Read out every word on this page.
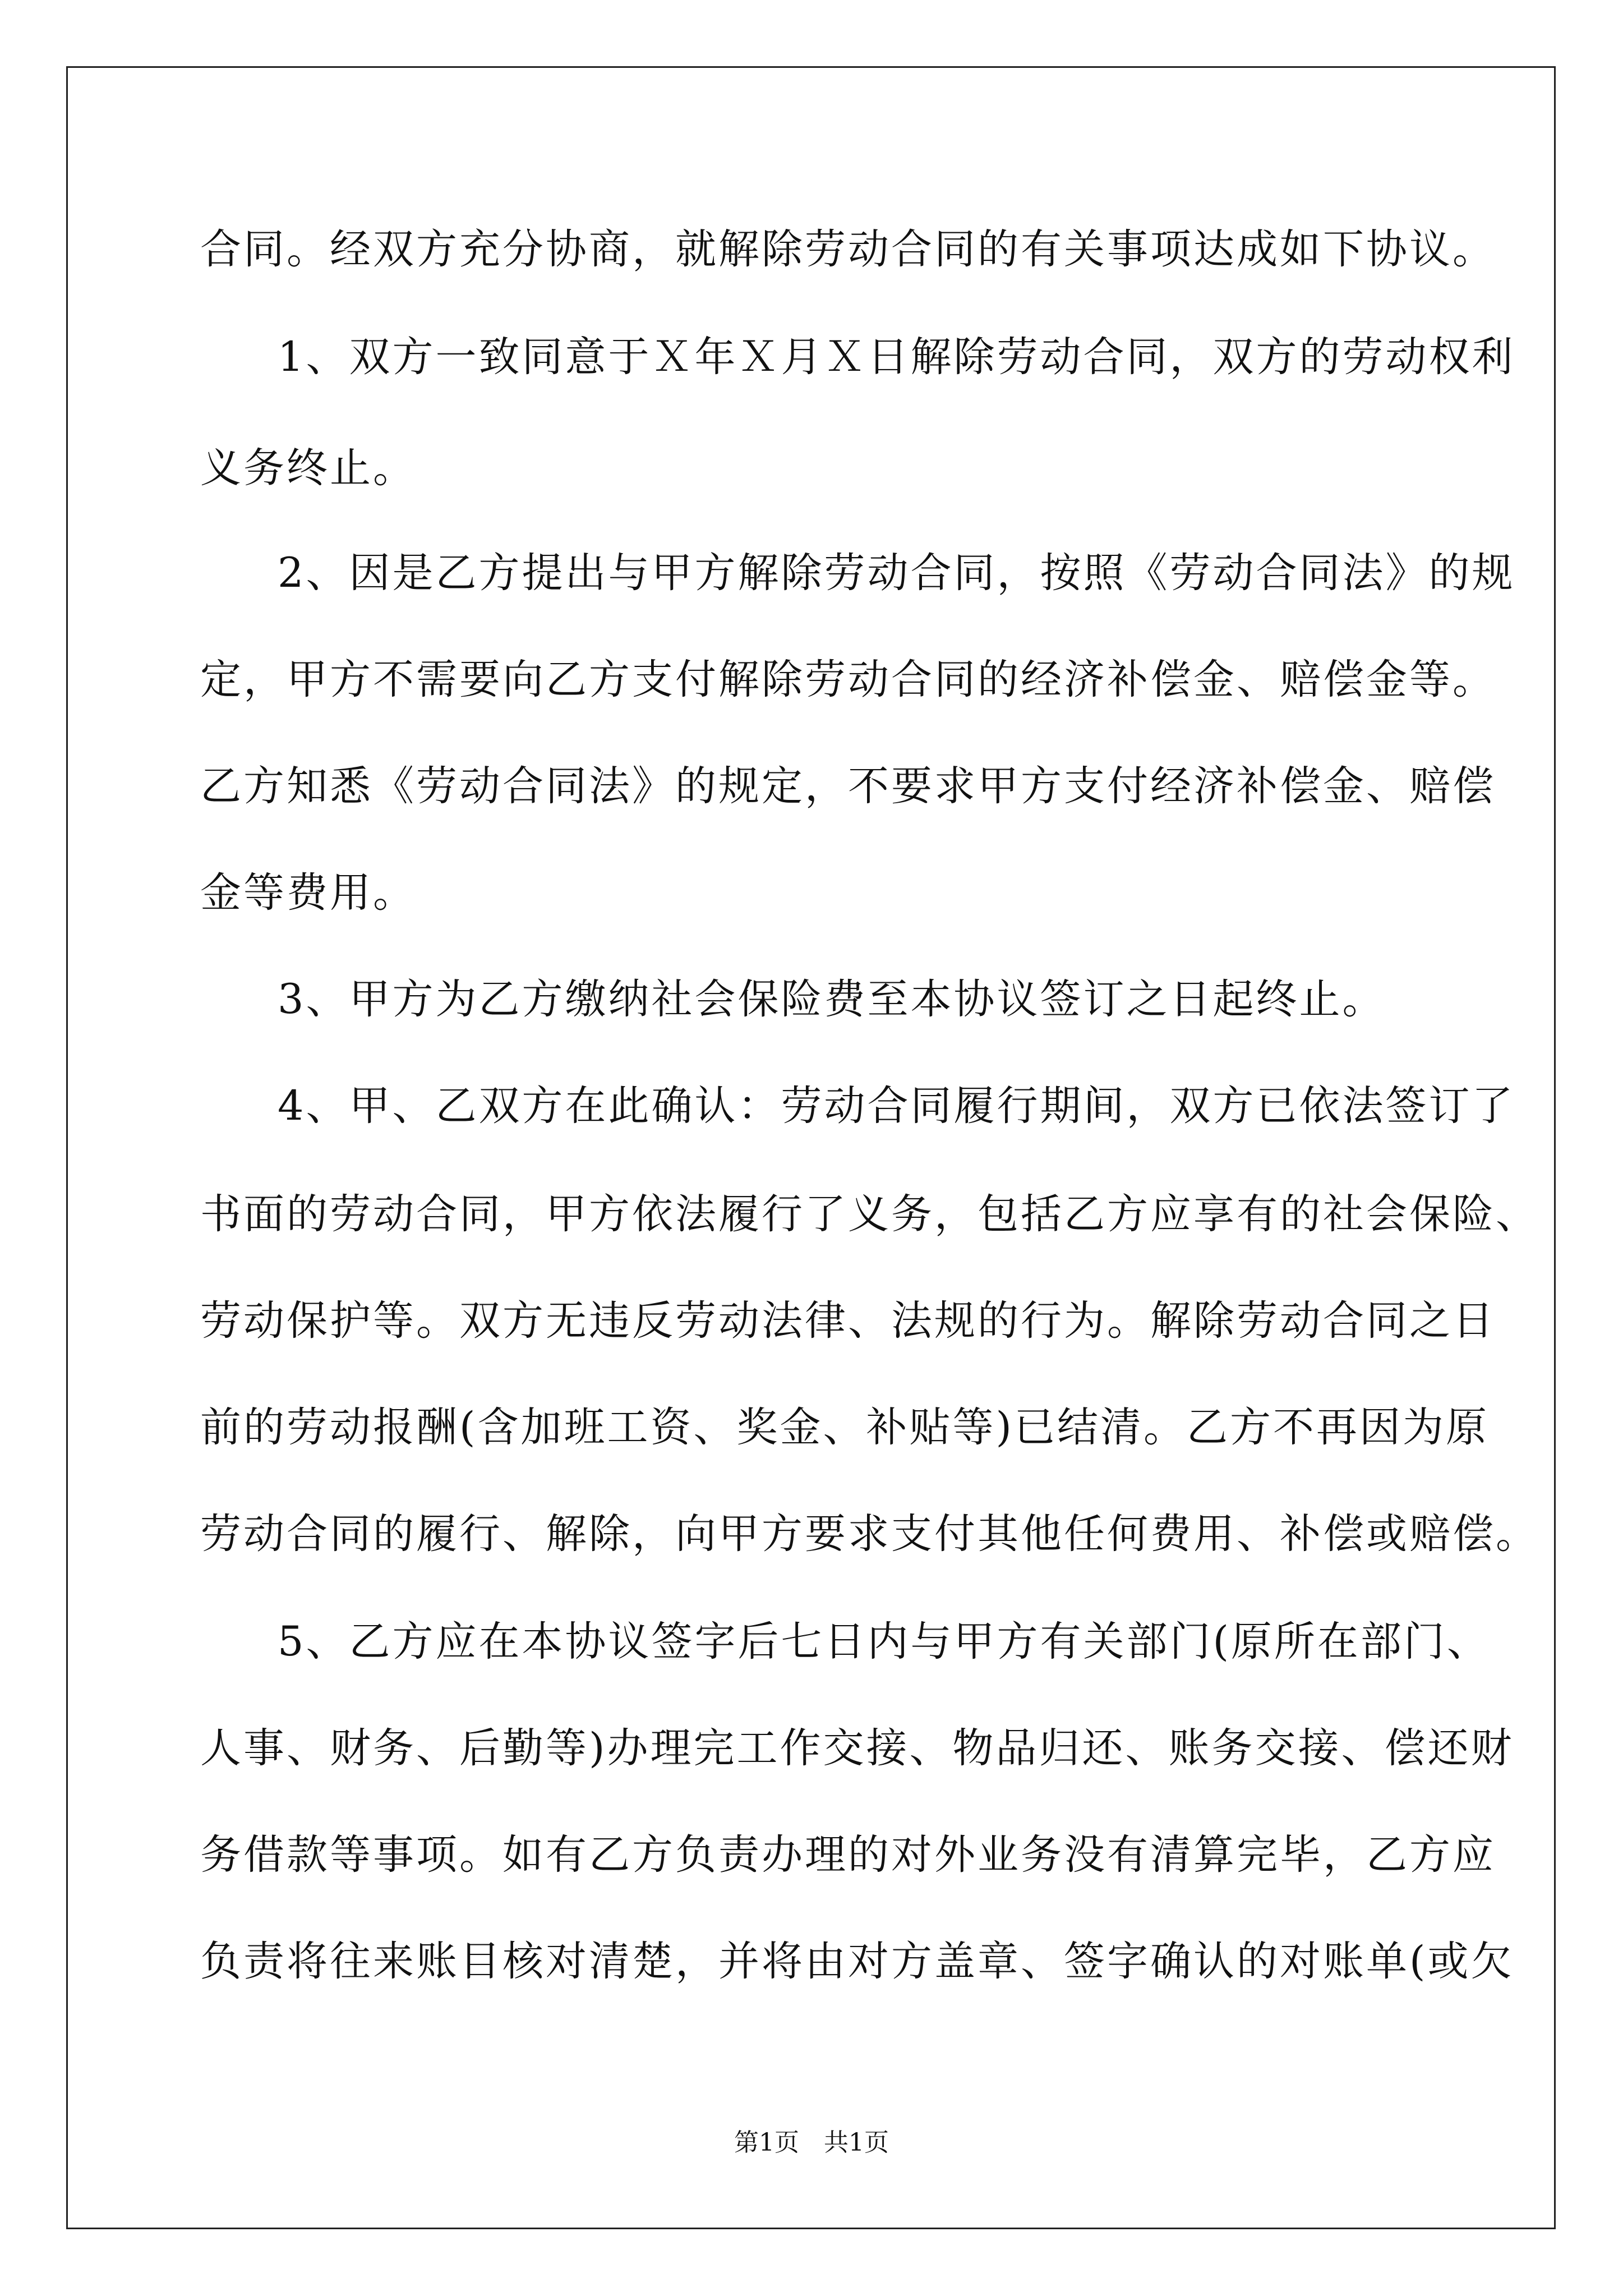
合同。经双方充分协商，就解除劳动合同的有关事项达成如下协议。
1、双方一致同意于Ｘ年Ｘ月Ｘ日解除劳动合同，双方的劳动权利
义务终止。
2、因是乙方提出与甲方解除劳动合同，按照《劳动合同法》的规
定，甲方不需要向乙方支付解除劳动合同的经济补偿金、赔偿金等。
乙方知悉《劳动合同法》的规定，不要求甲方支付经济补偿金、赔偿
金等费用。
3、甲方为乙方缴纳社会保险费至本协议签订之日起终止。
4、甲、乙双方在此确认：劳动合同履行期间，双方已依法签订了
书面的劳动合同，甲方依法履行了义务，包括乙方应享有的社会保险、
劳动保护等。双方无违反劳动法律、法规的行为。解除劳动合同之日
前的劳动报酬(含加班工资、奖金、补贴等)已结清。乙方不再因为原
劳动合同的履行、解除，向甲方要求支付其他任何费用、补偿或赔偿。
5、乙方应在本协议签字后七日内与甲方有关部门(原所在部门、
人事、财务、后勤等)办理完工作交接、物品归还、账务交接、偿还财
务借款等事项。如有乙方负责办理的对外业务没有清算完毕，乙方应
负责将往来账目核对清楚，并将由对方盖章、签字确认的对账单(或欠
第1页　共1页
